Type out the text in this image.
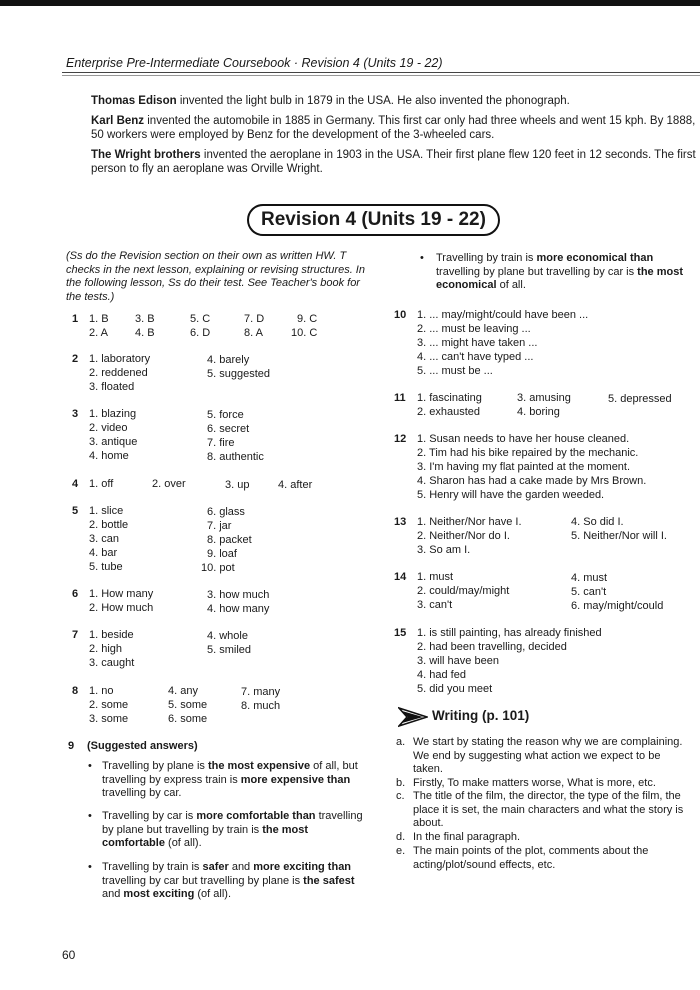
Enterprise Pre-Intermediate Coursebook · Revision 4 (Units 19 - 22)

Thomas Edison invented the light bulb in 1879 in the USA. He also invented the phonograph.

Karl Benz invented the automobile in 1885 in Germany. This first car only had three wheels and went 15 kph. By 1888, 50 workers were employed by Benz for the development of the 3-wheeled cars.

The Wright brothers invented the aeroplane in 1903 in the USA. Their first plane flew 120 feet in 12 seconds. The first person to fly an aeroplane was Orville Wright.

Revision 4 (Units 19 - 22)
(Ss do the Revision section on their own as written HW. T checks in the next lesson, explaining or revising structures. In the following lesson, Ss do their test. See Teacher's book for the tests.)
1 1. B 3. B	5. C	7. D	9. C
2. A 4. B	6. D	8. A	10. C
2 1. laboratory
2. reddened
3. floated
4. barely
5. suggested
3 1. blazing
2. video
3. antique
4. home
5. force
6. secret
7. fire
8. authentic
4 1. off	2. over	3. up	4. after
5 1. slice
2. bottle
3. can
4. bar
5. tube
6. glass
7. jar
8. packet
9. loaf
10. pot
6 1. How many
2. How much
3. how much
4. how many
7 1. beside
2. high
3. caught
4. whole
5. smiled
8 1. no
2. some
3. some
4. any
5. some
6. some
7. many
8. much
9 (Suggested answers)
• Travelling by plane is the most expensive of all, but travelling by express train is more expensive than travelling by car.
• Travelling by car is more comfortable than travelling by plane but travelling by train is the most comfortable (of all).
• Travelling by train is safer and more exciting than travelling by car but travelling by plane is the safest and most exciting (of all).
• Travelling by train is more economical than travelling by plane but travelling by car is the most economical of all.
10 1. ... may/might/could have been ...
2. ... must be leaving ...
3. ... might have taken ...
4. ... can't have typed ...
5. ... must be ...
11 1. fascinating	3. amusing	5. depressed
2. exhausted	4. boring
12 1. Susan needs to have her house cleaned.
2. Tim had his bike repaired by the mechanic.
3. I'm having my flat painted at the moment.
4. Sharon has had a cake made by Mrs Brown.
5. Henry will have the garden weeded.
13 1. Neither/Nor have I.
2. Neither/Nor do I.
3. So am I.
4. So did I.
5. Neither/Nor will I.
14 1. must
2. could/may/might
3. can't
4. must
5. can't
6. may/might/could
15 1. is still painting, has already finished
2. had been travelling, decided
3. will have been
4. had fed
5. did you meet
Writing (p. 101)
a. We start by stating the reason why we are complaining. We end by suggesting what action we expect to be taken.
b. Firstly, To make matters worse, What is more, etc.
c. The title of the film, the director, the type of the film, the place it is set, the main characters and what the story is about.
d. In the final paragraph.
e. The main points of the plot, comments about the acting/plot/sound effects, etc.
60
